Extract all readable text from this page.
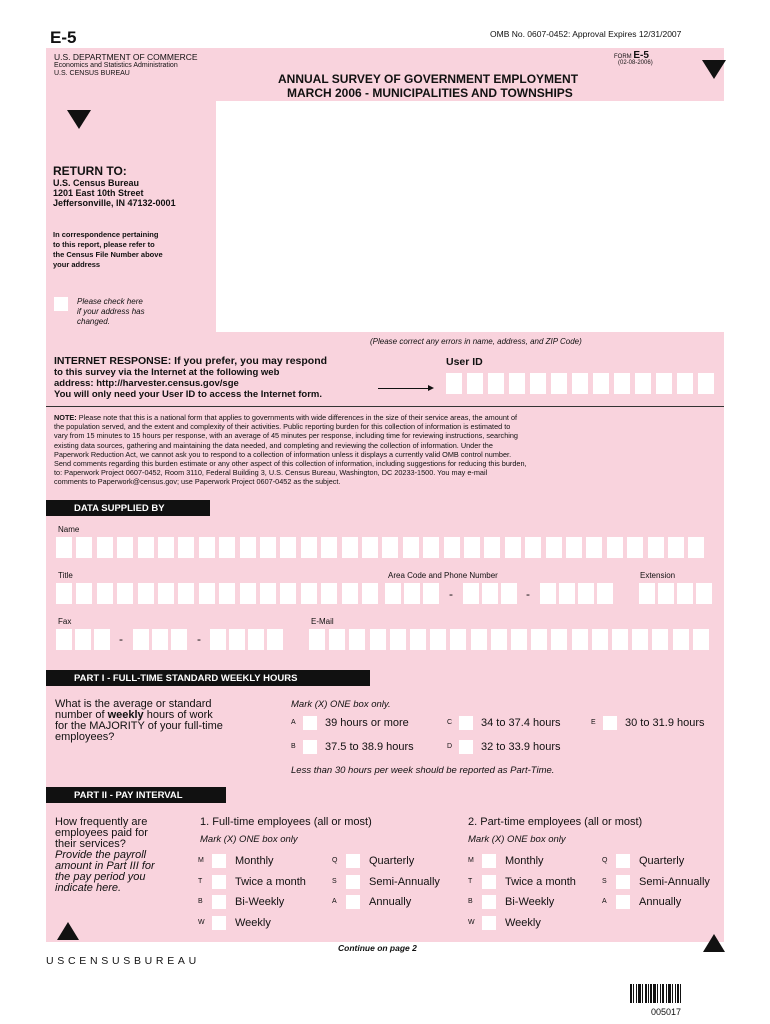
E-5	OMB No. 0607-0452: Approval Expires 12/31/2007
U.S. DEPARTMENT OF COMMERCE
Economics and Statistics Administration
U.S. CENSUS BUREAU
FORM E-5
(02-08-2006)
ANNUAL SURVEY OF GOVERNMENT EMPLOYMENT
MARCH 2006 - MUNICIPALITIES AND TOWNSHIPS
RETURN TO:
U.S. Census Bureau
1201 East 10th Street
Jeffersonville, IN 47132-0001
In correspondence pertaining
to this report, please refer to
the Census File Number above
your address
Please check here
if your address has
changed.
(Please correct any errors in name, address, and ZIP Code)
INTERNET RESPONSE: If you prefer, you may respond
to this survey via the Internet at the following web
address: http://harvester.census.gov/sge
You will only need your User ID to access the Internet form.
User ID
NOTE: Please note that this is a national form that applies to governments with wide differences in the size of their service areas, the amount of
the population served, and the extent and complexity of their activities. Public reporting burden for this collection of information is estimated to
vary from 15 minutes to 15 hours per response, with an average of 45 minutes per response, including time for reviewing instructions, searching
existing data sources, gathering and maintaining the data needed, and completing and reviewing the collection of information. Under the
Paperwork Reduction Act, we cannot ask you to respond to a collection of information unless it displays a currently valid OMB control number.
Send comments regarding this burden estimate or any other aspect of this collection of information, including suggestions for reducing this burden,
to: Paperwork Project 0607-0452, Room 3110, Federal Building 3, U.S. Census Bureau, Washington, DC 20233-1500. You may e-mail
comments to Paperwork@census.gov; use Paperwork Project 0607-0452 as the subject.
DATA SUPPLIED BY
Name
Title	Area Code and Phone Number	Extension
Fax	E-Mail
-	-
-	-
PART I - FULL-TIME STANDARD WEEKLY HOURS
What is the average or standard
number of weekly hours of work
for the MAJORITY of your full-time
employees?
Mark (X) ONE box only.
A	39 hours or more	C	34 to 37.4 hours	E	30 to 31.9 hours
B	37.5 to 38.9 hours	D	32 to 33.9 hours
Less than 30 hours per week should be reported as Part-Time.
PART II - PAY INTERVAL
How frequently are
employees paid for
their services?
Provide the payroll
amount in Part III for
the pay period you
indicate here.
1. Full-time employees (all or most)	2. Part-time employees (all or most)
Mark (X) ONE box only	Mark (X) ONE box only
M	Monthly	Q	Quarterly
T	Twice a month	S	Semi-Annually
B	Bi-Weekly	A	Annually
W	Weekly
M	Monthly	Q	Quarterly
T	Twice a month	S	Semi-Annually
B	Bi-Weekly	A	Annually
W	Weekly
Continue on page 2
USCENSUSBUREAU
005017
